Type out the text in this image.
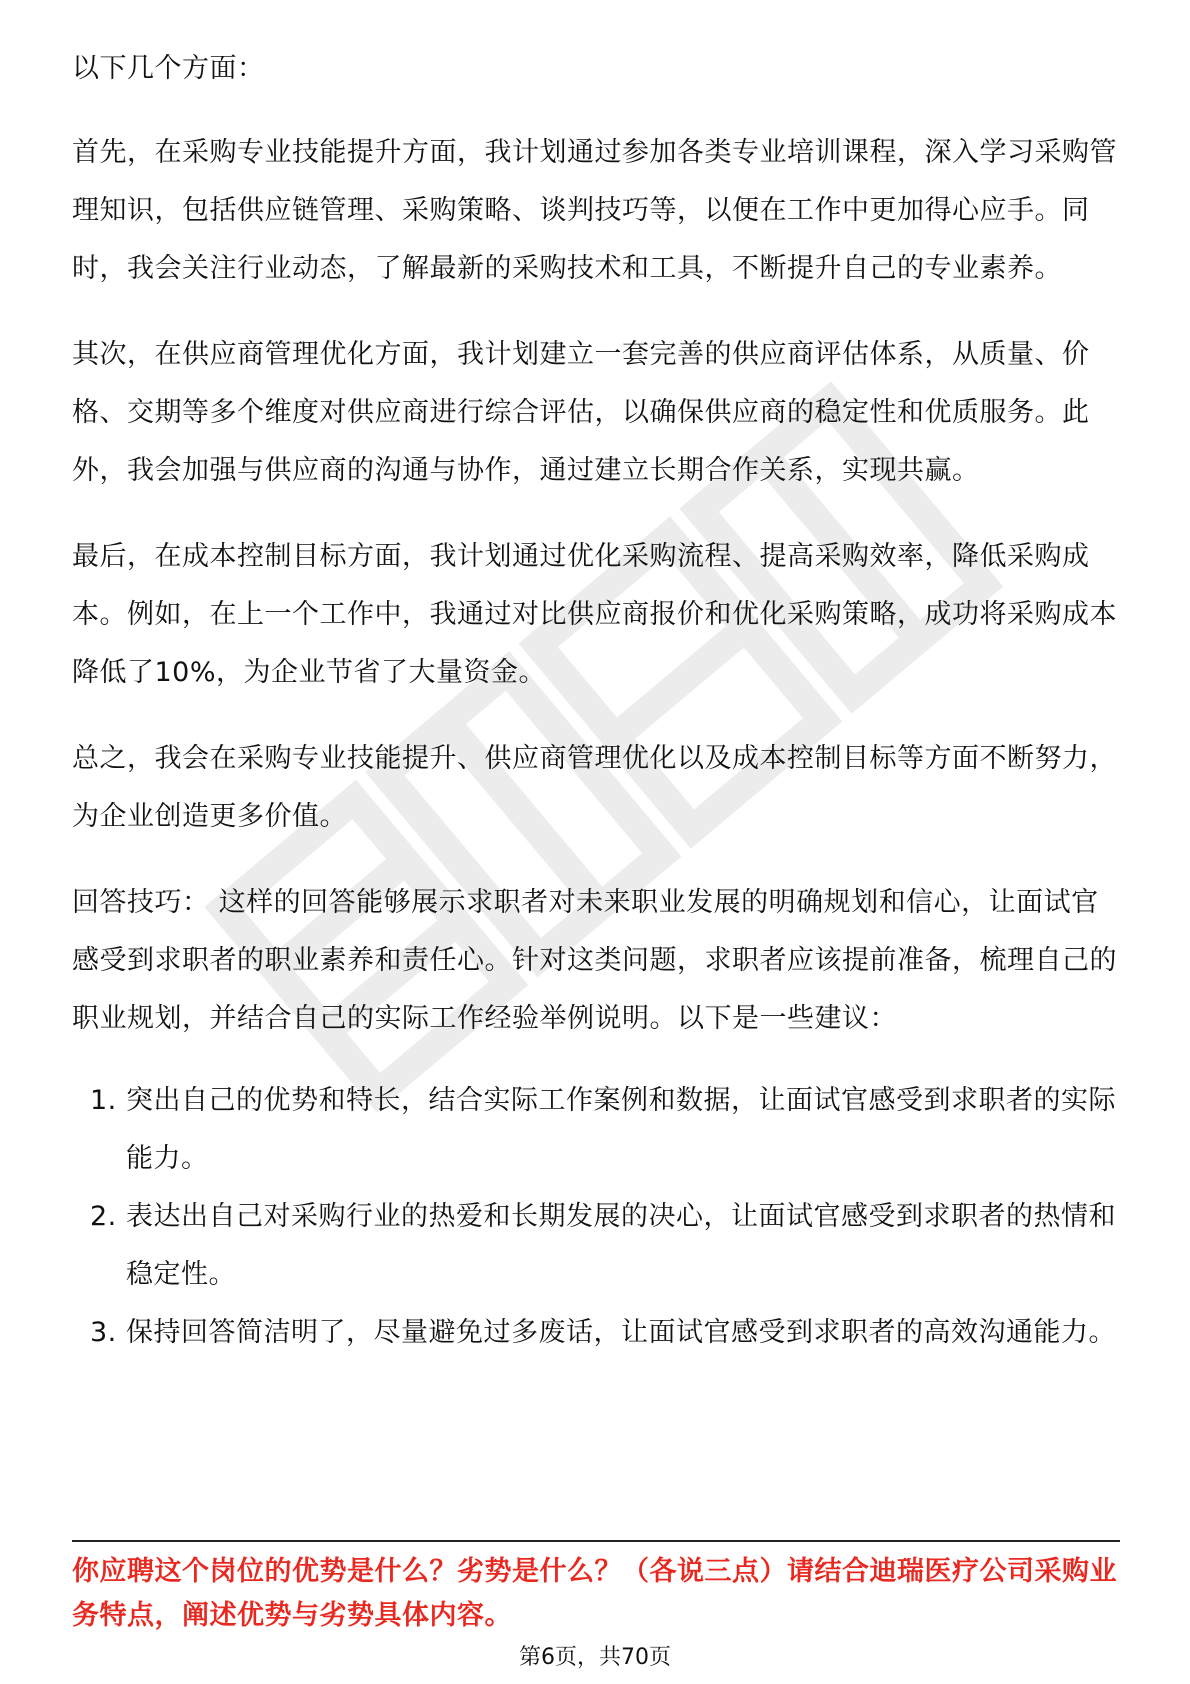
以下几个方面：

首先，在采购专业技能提升方面，我计划通过参加各类专业培训课程，深入学习采购管理知识，包括供应链管理、采购策略、谈判技巧等，以便在工作中更加得心应手。同时，我会关注行业动态，了解最新的采购技术和工具，不断提升自己的专业素养。

其次，在供应商管理优化方面，我计划建立一套完善的供应商评估体系，从质量、价格、交期等多个维度对供应商进行综合评估，以确保供应商的稳定性和优质服务。此外，我会加强与供应商的沟通与协作，通过建立长期合作关系，实现共赢。

最后，在成本控制目标方面，我计划通过优化采购流程、提高采购效率，降低采购成本。例如，在上一个工作中，我通过对比供应商报价和优化采购策略，成功将采购成本降低了10%，为企业节省了大量资金。

总之，我会在采购专业技能提升、供应商管理优化以及成本控制目标等方面不断努力，为企业创造更多价值。

回答技巧： 这样的回答能够展示求职者对未来职业发展的明确规划和信心，让面试官感受到求职者的职业素养和责任心。针对这类问题，求职者应该提前准备，梳理自己的职业规划，并结合自己的实际工作经验举例说明。以下是一些建议：

1. 突出自己的优势和特长，结合实际工作案例和数据，让面试官感受到求职者的实际能力。
2. 表达出自己对采购行业的热爱和长期发展的决心，让面试官感受到求职者的热情和稳定性。
3. 保持回答简洁明了，尽量避免过多废话，让面试官感受到求职者的高效沟通能力。

你应聘这个岗位的优势是什么？劣势是什么？（各说三点）请结合迪瑞医疗公司采购业务特点，阐述优势与劣势具体内容。

第6页，共70页
